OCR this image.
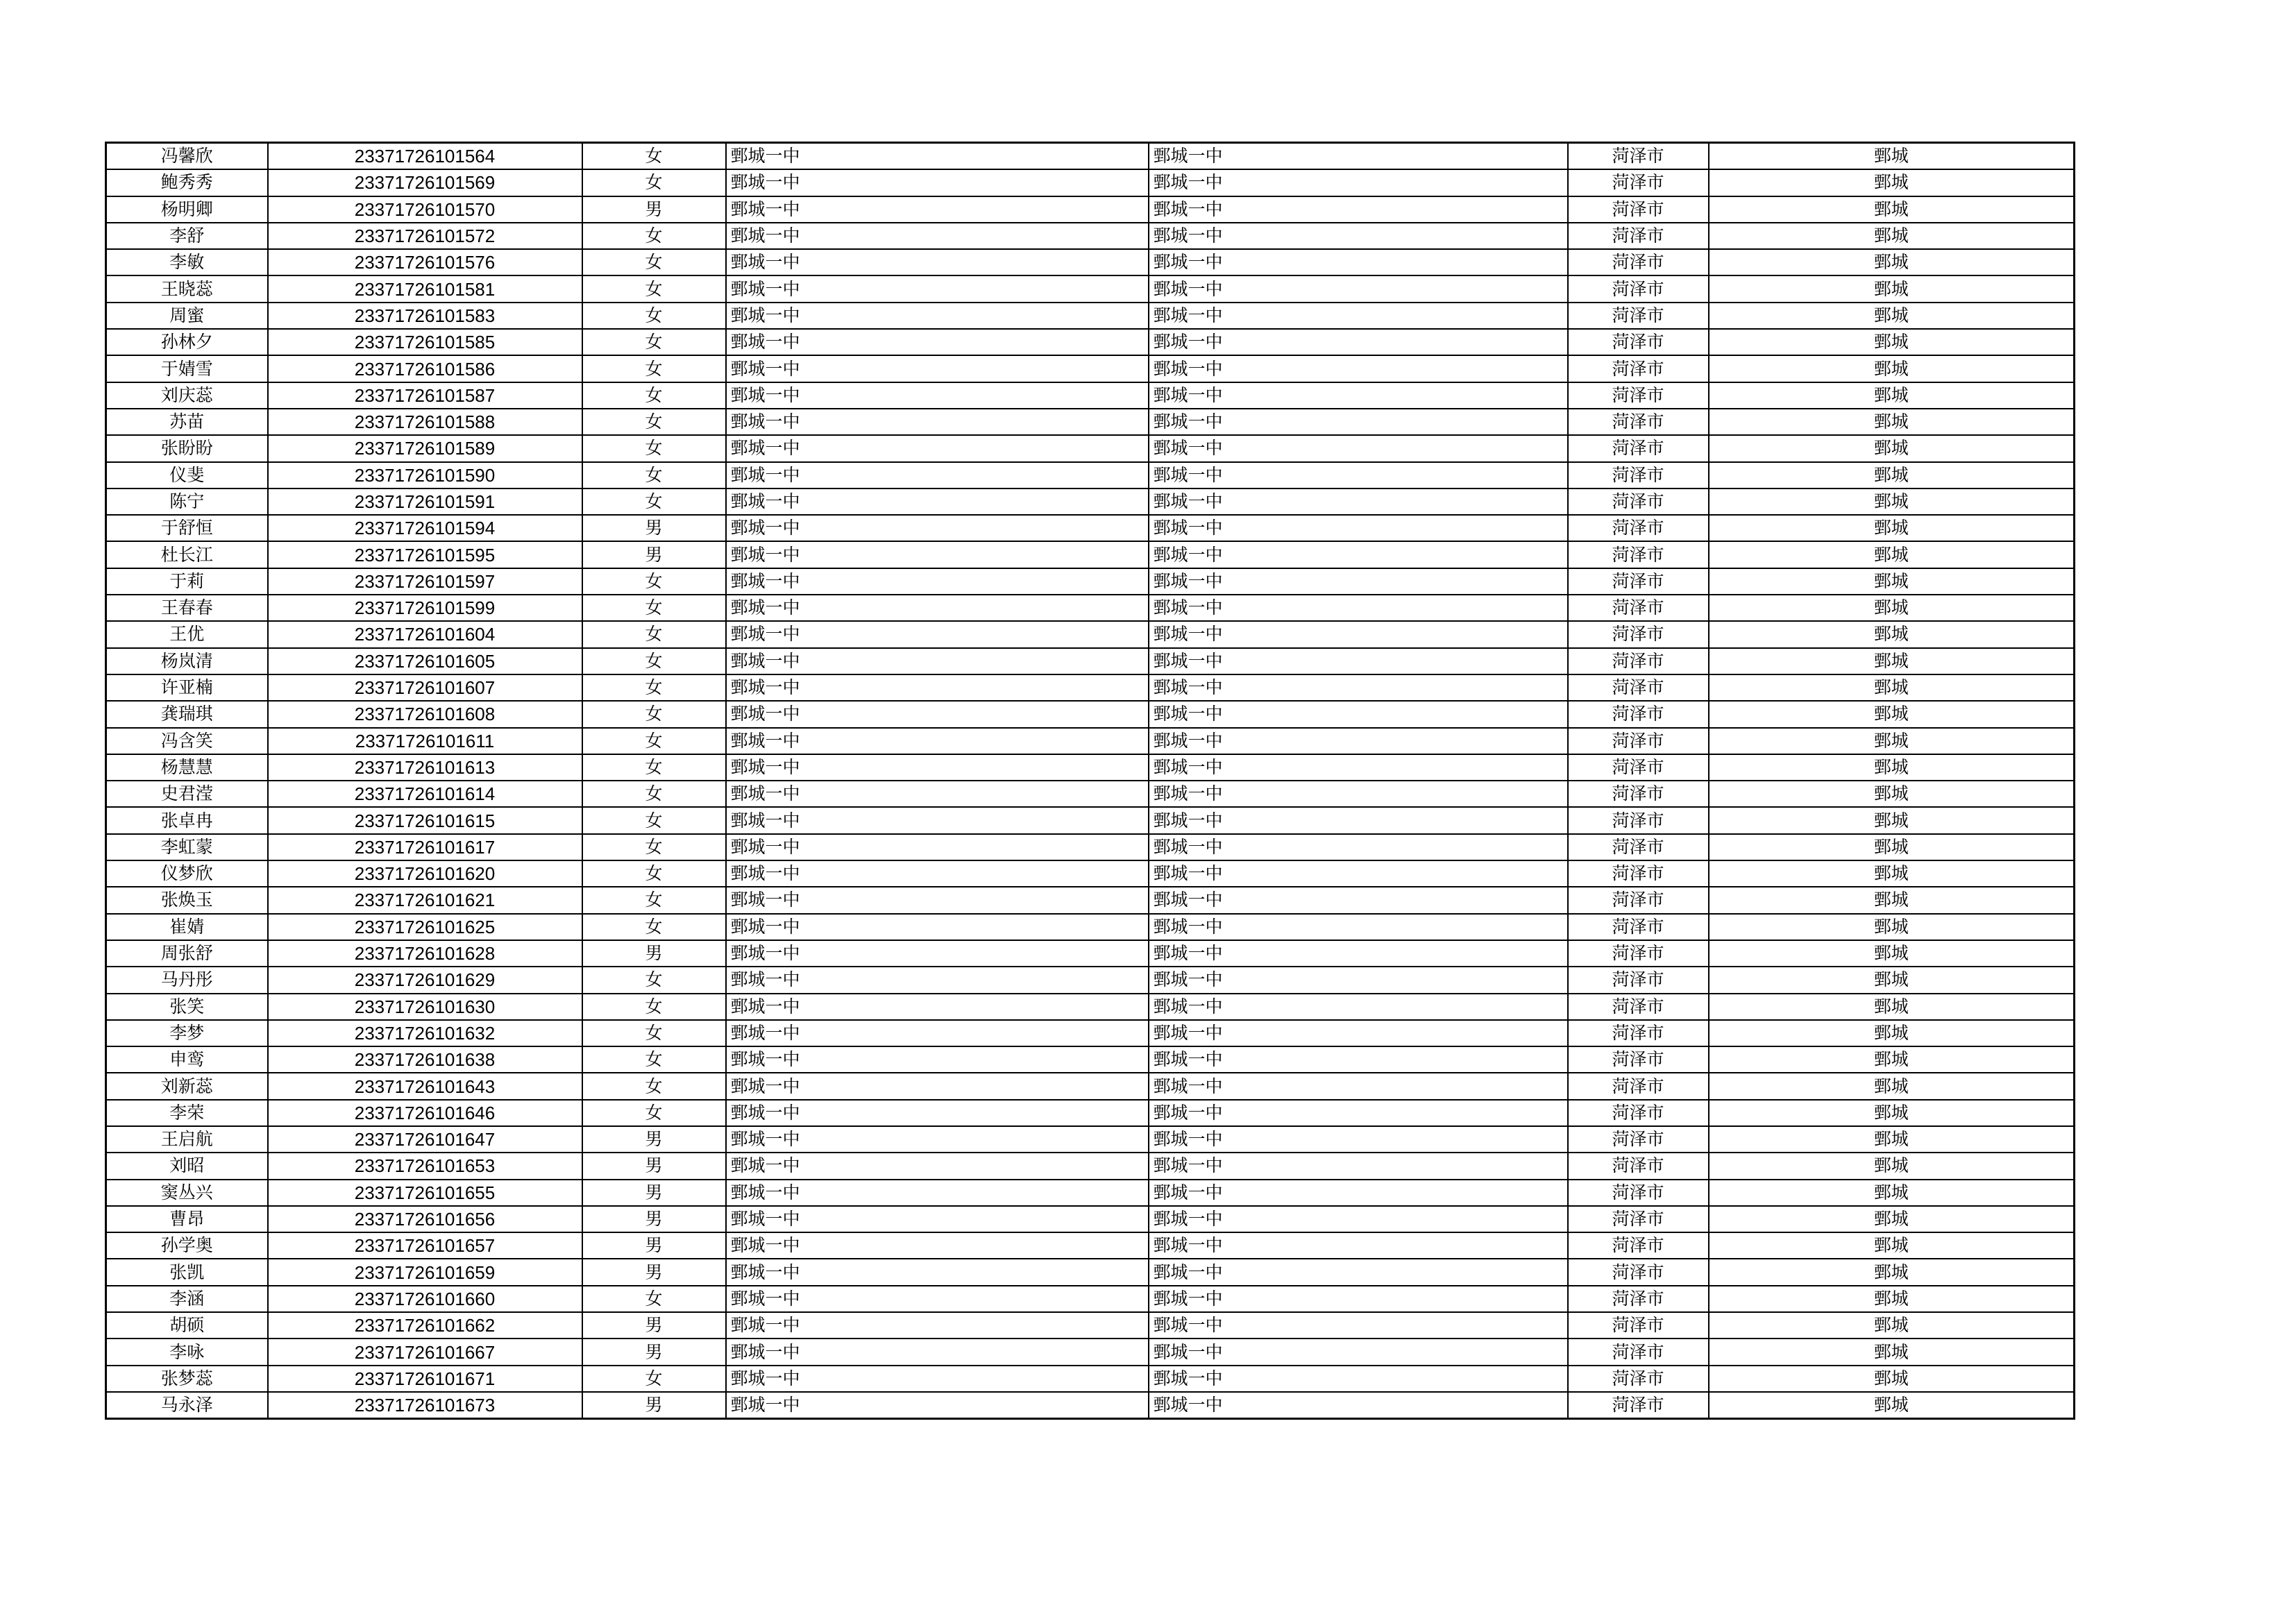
冯馨欣	23371726101564	女	鄄城一中	鄄城一中	菏泽市	鄄城
鲍秀秀	23371726101569	女	鄄城一中	鄄城一中	菏泽市	鄄城
杨明卿	23371726101570	男	鄄城一中	鄄城一中	菏泽市	鄄城
李舒	23371726101572	女	鄄城一中	鄄城一中	菏泽市	鄄城
李敏	23371726101576	女	鄄城一中	鄄城一中	菏泽市	鄄城
王晓蕊	23371726101581	女	鄄城一中	鄄城一中	菏泽市	鄄城
周蜜	23371726101583	女	鄄城一中	鄄城一中	菏泽市	鄄城
孙林夕	23371726101585	女	鄄城一中	鄄城一中	菏泽市	鄄城
于婧雪	23371726101586	女	鄄城一中	鄄城一中	菏泽市	鄄城
刘庆蕊	23371726101587	女	鄄城一中	鄄城一中	菏泽市	鄄城
苏苗	23371726101588	女	鄄城一中	鄄城一中	菏泽市	鄄城
张盼盼	23371726101589	女	鄄城一中	鄄城一中	菏泽市	鄄城
仪斐	23371726101590	女	鄄城一中	鄄城一中	菏泽市	鄄城
陈宁	23371726101591	女	鄄城一中	鄄城一中	菏泽市	鄄城
于舒恒	23371726101594	男	鄄城一中	鄄城一中	菏泽市	鄄城
杜长江	23371726101595	男	鄄城一中	鄄城一中	菏泽市	鄄城
于莉	23371726101597	女	鄄城一中	鄄城一中	菏泽市	鄄城
王春春	23371726101599	女	鄄城一中	鄄城一中	菏泽市	鄄城
王优	23371726101604	女	鄄城一中	鄄城一中	菏泽市	鄄城
杨岚清	23371726101605	女	鄄城一中	鄄城一中	菏泽市	鄄城
许亚楠	23371726101607	女	鄄城一中	鄄城一中	菏泽市	鄄城
龚瑞琪	23371726101608	女	鄄城一中	鄄城一中	菏泽市	鄄城
冯含笑	23371726101611	女	鄄城一中	鄄城一中	菏泽市	鄄城
杨慧慧	23371726101613	女	鄄城一中	鄄城一中	菏泽市	鄄城
史君滢	23371726101614	女	鄄城一中	鄄城一中	菏泽市	鄄城
张卓冉	23371726101615	女	鄄城一中	鄄城一中	菏泽市	鄄城
李虹蒙	23371726101617	女	鄄城一中	鄄城一中	菏泽市	鄄城
仪梦欣	23371726101620	女	鄄城一中	鄄城一中	菏泽市	鄄城
张焕玉	23371726101621	女	鄄城一中	鄄城一中	菏泽市	鄄城
崔婧	23371726101625	女	鄄城一中	鄄城一中	菏泽市	鄄城
周张舒	23371726101628	男	鄄城一中	鄄城一中	菏泽市	鄄城
马丹彤	23371726101629	女	鄄城一中	鄄城一中	菏泽市	鄄城
张笑	23371726101630	女	鄄城一中	鄄城一中	菏泽市	鄄城
李梦	23371726101632	女	鄄城一中	鄄城一中	菏泽市	鄄城
申鸾	23371726101638	女	鄄城一中	鄄城一中	菏泽市	鄄城
刘新蕊	23371726101643	女	鄄城一中	鄄城一中	菏泽市	鄄城
李荣	23371726101646	女	鄄城一中	鄄城一中	菏泽市	鄄城
王启航	23371726101647	男	鄄城一中	鄄城一中	菏泽市	鄄城
刘昭	23371726101653	男	鄄城一中	鄄城一中	菏泽市	鄄城
窦丛兴	23371726101655	男	鄄城一中	鄄城一中	菏泽市	鄄城
曹昂	23371726101656	男	鄄城一中	鄄城一中	菏泽市	鄄城
孙学奥	23371726101657	男	鄄城一中	鄄城一中	菏泽市	鄄城
张凯	23371726101659	男	鄄城一中	鄄城一中	菏泽市	鄄城
李涵	23371726101660	女	鄄城一中	鄄城一中	菏泽市	鄄城
胡硕	23371726101662	男	鄄城一中	鄄城一中	菏泽市	鄄城
李咏	23371726101667	男	鄄城一中	鄄城一中	菏泽市	鄄城
张梦蕊	23371726101671	女	鄄城一中	鄄城一中	菏泽市	鄄城
马永泽	23371726101673	男	鄄城一中	鄄城一中	菏泽市	鄄城
